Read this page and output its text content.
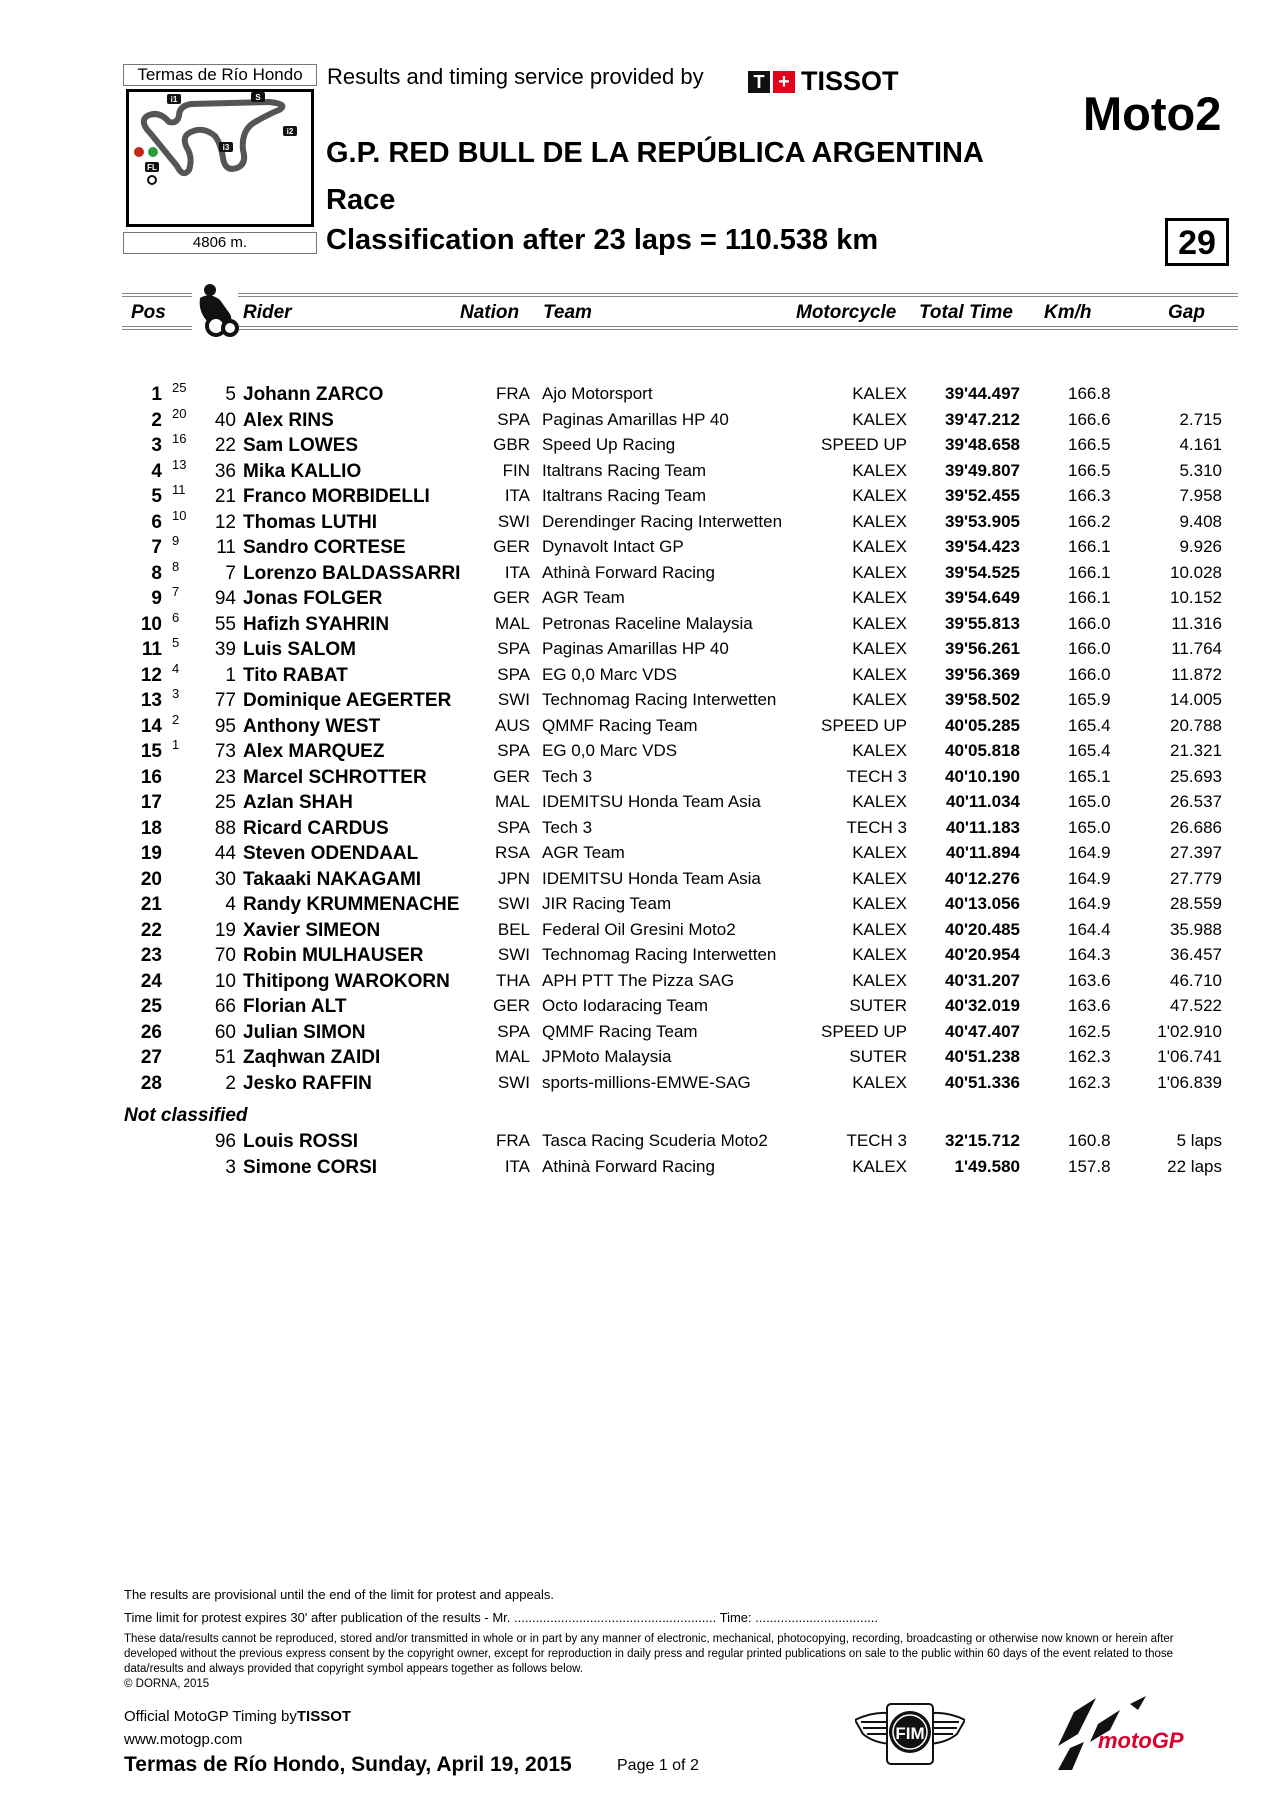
Termas de Río Hondo
i1	S
i2
i3
FL
4806 m.
Results and timing service provided by	T + TISSOT
Moto2
G.P. RED BULL DE LA REPÚBLICA ARGENTINA
Race
Classification after 23 laps = 110.538 km	29
Pos	Rider	Nation Team	Motorcycle Total Time Km/h	Gap
1 25 5 Johann ZARCO	FRA Ajo Motorsport	KALEX 39'44.497	166.8
2 20 40 Alex RINS	SPA Paginas Amarillas HP 40	KALEX 39'47.212	166.6	2.715
3 16 22 Sam LOWES	GBR Speed Up Racing	SPEED UP 39'48.658	166.5	4.161
4 13 36 Mika KALLIO	FIN Italtrans Racing Team	KALEX 39'49.807	166.5	5.310
5 11 21 Franco MORBIDELLI	ITA Italtrans Racing Team	KALEX 39'52.455	166.3	7.958
6 10 12 Thomas LUTHI	SWI Derendinger Racing Interwetten	KALEX 39'53.905	166.2	9.408
7 9 11 Sandro CORTESE	GER Dynavolt Intact GP	KALEX 39'54.423	166.1	9.926
8 8 7 Lorenzo BALDASSARRI	ITA Athinà Forward Racing	KALEX 39'54.525	166.1	10.028
9 7 94 Jonas FOLGER	GER AGR Team	KALEX 39'54.649	166.1	10.152
10 6 55 Hafizh SYAHRIN	MAL Petronas Raceline Malaysia	KALEX 39'55.813	166.0	11.316
11 5 39 Luis SALOM	SPA Paginas Amarillas HP 40	KALEX 39'56.261	166.0	11.764
12 4 1 Tito RABAT	SPA EG 0,0 Marc VDS	KALEX 39'56.369	166.0	11.872
13 3 77 Dominique AEGERTER	SWI Technomag Racing Interwetten	KALEX 39'58.502	165.9	14.005
14 2 95 Anthony WEST	AUS QMMF Racing Team	SPEED UP 40'05.285	165.4	20.788
15 1 73 Alex MARQUEZ	SPA EG 0,0 Marc VDS	KALEX 40'05.818	165.4	21.321
16	23 Marcel SCHROTTER	GER Tech 3	TECH 3 40'10.190	165.1	25.693
17	25 Azlan SHAH	MAL IDEMITSU Honda Team Asia	KALEX 40'11.034	165.0	26.537
18	88 Ricard CARDUS	SPA Tech 3	TECH 3 40'11.183	165.0	26.686
19	44 Steven ODENDAAL	RSA AGR Team	KALEX 40'11.894	164.9	27.397
20	30 Takaaki NAKAGAMI	JPN IDEMITSU Honda Team Asia	KALEX 40'12.276	164.9	27.779
21	4 Randy KRUMMENACHE SWI JIR Racing Team	KALEX 40'13.056	164.9	28.559
22	19 Xavier SIMEON	BEL Federal Oil Gresini Moto2	KALEX 40'20.485	164.4	35.988
23	70 Robin MULHAUSER	SWI Technomag Racing Interwetten	KALEX 40'20.954	164.3	36.457
24	10 Thitipong WAROKORN	THA APH PTT The Pizza SAG	KALEX 40'31.207	163.6	46.710
25	66 Florian ALT	GER Octo Iodaracing Team	SUTER 40'32.019	163.6	47.522
26	60 Julian SIMON	SPA QMMF Racing Team	SPEED UP 40'47.407	162.5	1'02.910
27	51 Zaqhwan ZAIDI	MAL JPMoto Malaysia	SUTER 40'51.238	162.3	1'06.741
28	2 Jesko RAFFIN	SWI sports-millions-EMWE-SAG	KALEX 40'51.336	162.3	1'06.839
Not classified
96 Louis ROSSI	FRA Tasca Racing Scuderia Moto2	TECH 3 32'15.712	160.8	5 laps
3 Simone CORSI	ITA Athinà Forward Racing	KALEX	1'49.580	157.8	22 laps
The results are provisional until the end of the limit for protest and appeals.
Time limit for protest expires 30' after publication of the results - Mr. ........................................................ Time: ..................................
These data/results cannot be reproduced, stored and/or transmitted in whole or in part by any manner of electronic, mechanical, photocopying, recording, broadcasting or otherwise now known or herein after developed without the previous express consent by the copyright owner, except for reproduction in daily press and regular printed publications on sale to the public within 60 days of the event related to those data/results and always provided that copyright symbol appears together as follows below.
© DORNA, 2015
Official MotoGP Timing byTISSOT
www.motogp.com
Termas de Río Hondo, Sunday, April 19, 2015	Page 1 of 2
FIM	motoGP
